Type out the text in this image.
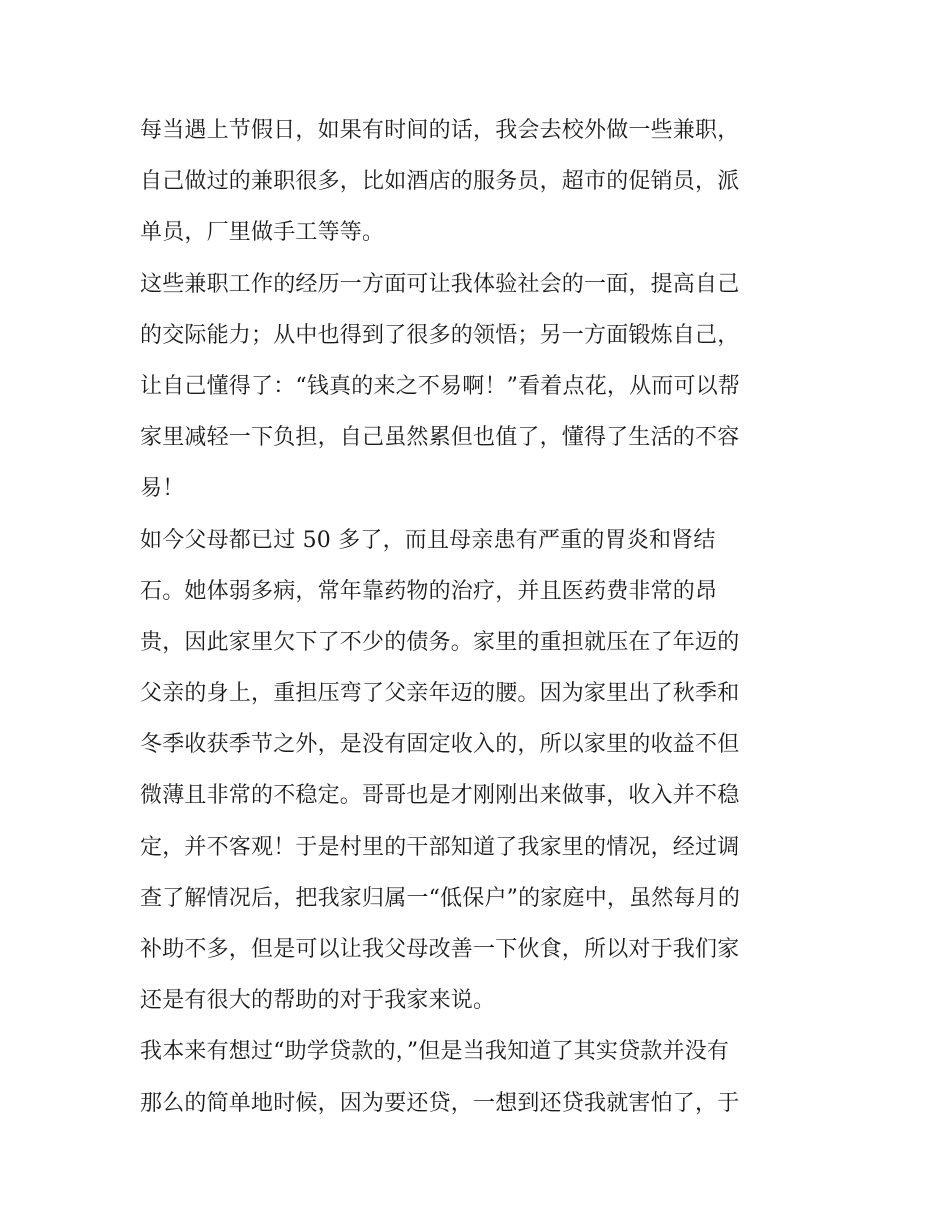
每当遇上节假日，如果有时间的话，我会去校外做一些兼职，
自己做过的兼职很多，比如酒店的服务员，超市的促销员，派
单员，厂里做手工等等。
这些兼职工作的经历一方面可让我体验社会的一面，提高自己
的交际能力；从中也得到了很多的领悟；另一方面锻炼自己，
让自己懂得了：“钱真的来之不易啊！”看着点花，从而可以帮
家里减轻一下负担，自己虽然累但也值了，懂得了生活的不容
易！
如今父母都已过 50 多了，而且母亲患有严重的胃炎和肾结
石。她体弱多病，常年靠药物的治疗，并且医药费非常的昂
贵，因此家里欠下了不少的债务。家里的重担就压在了年迈的
父亲的身上，重担压弯了父亲年迈的腰。因为家里出了秋季和
冬季收获季节之外，是没有固定收入的，所以家里的收益不但
微薄且非常的不稳定。哥哥也是才刚刚出来做事，收入并不稳
定，并不客观！于是村里的干部知道了我家里的情况，经过调
查了解情况后，把我家归属一“低保户”的家庭中，虽然每月的
补助不多，但是可以让我父母改善一下伙食，所以对于我们家
还是有很大的帮助的对于我家来说。
我本来有想过“助学贷款的，”但是当我知道了其实贷款并没有
那么的简单地时候，因为要还贷，一想到还贷我就害怕了，于
